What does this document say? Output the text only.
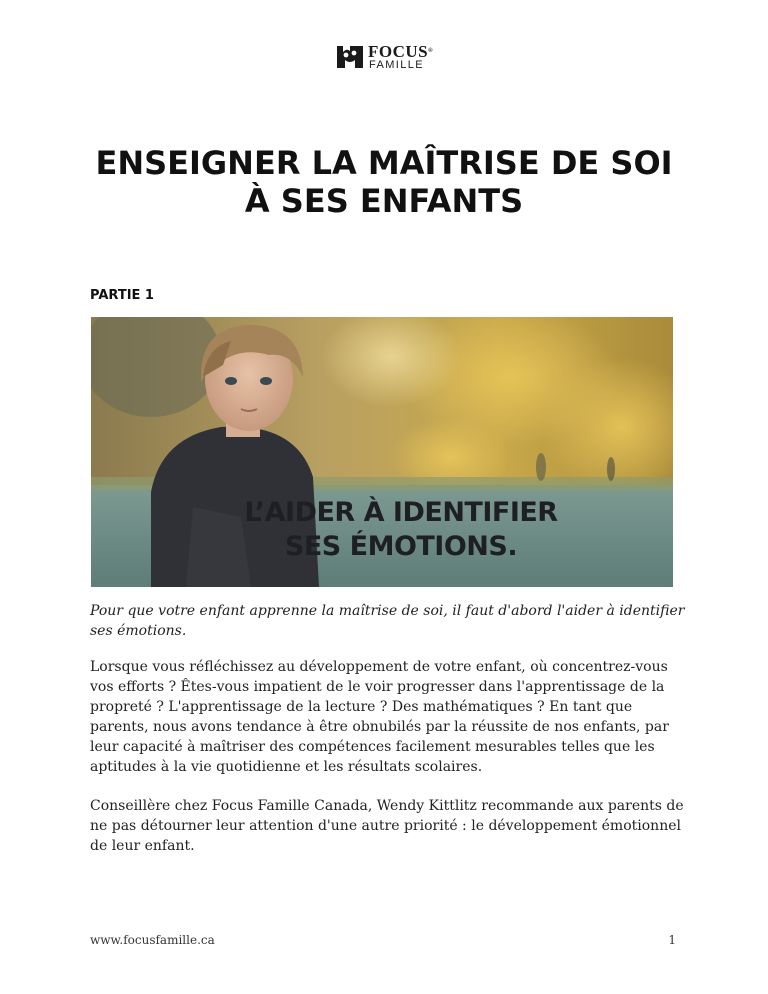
FOCUS®
FAMILLE
ENSEIGNER LA MAÎTRISE DE SOI
À SES ENFANTS
PARTIE 1
L’AIDER À IDENTIFIER
SES ÉMOTIONS.
Pour que votre enfant apprenne la maîtrise de soi, il faut d'abord l'aider à identifier ses émotions.
Lorsque vous réfléchissez au développement de votre enfant, où concentrez-vous vos efforts ? Êtes-vous impatient de le voir progresser dans l'apprentissage de la propreté ? L'apprentissage de la lecture ? Des mathématiques ? En tant que parents, nous avons tendance à être obnubilés par la réussite de nos enfants, par leur capacité à maîtriser des compétences facilement mesurables telles que les aptitudes à la vie quotidienne et les résultats scolaires.
Conseillère chez Focus Famille Canada, Wendy Kittlitz recommande aux parents de ne pas détourner leur attention d'une autre priorité : le développement émotionnel de leur enfant.
www.focusfamille.ca	1
